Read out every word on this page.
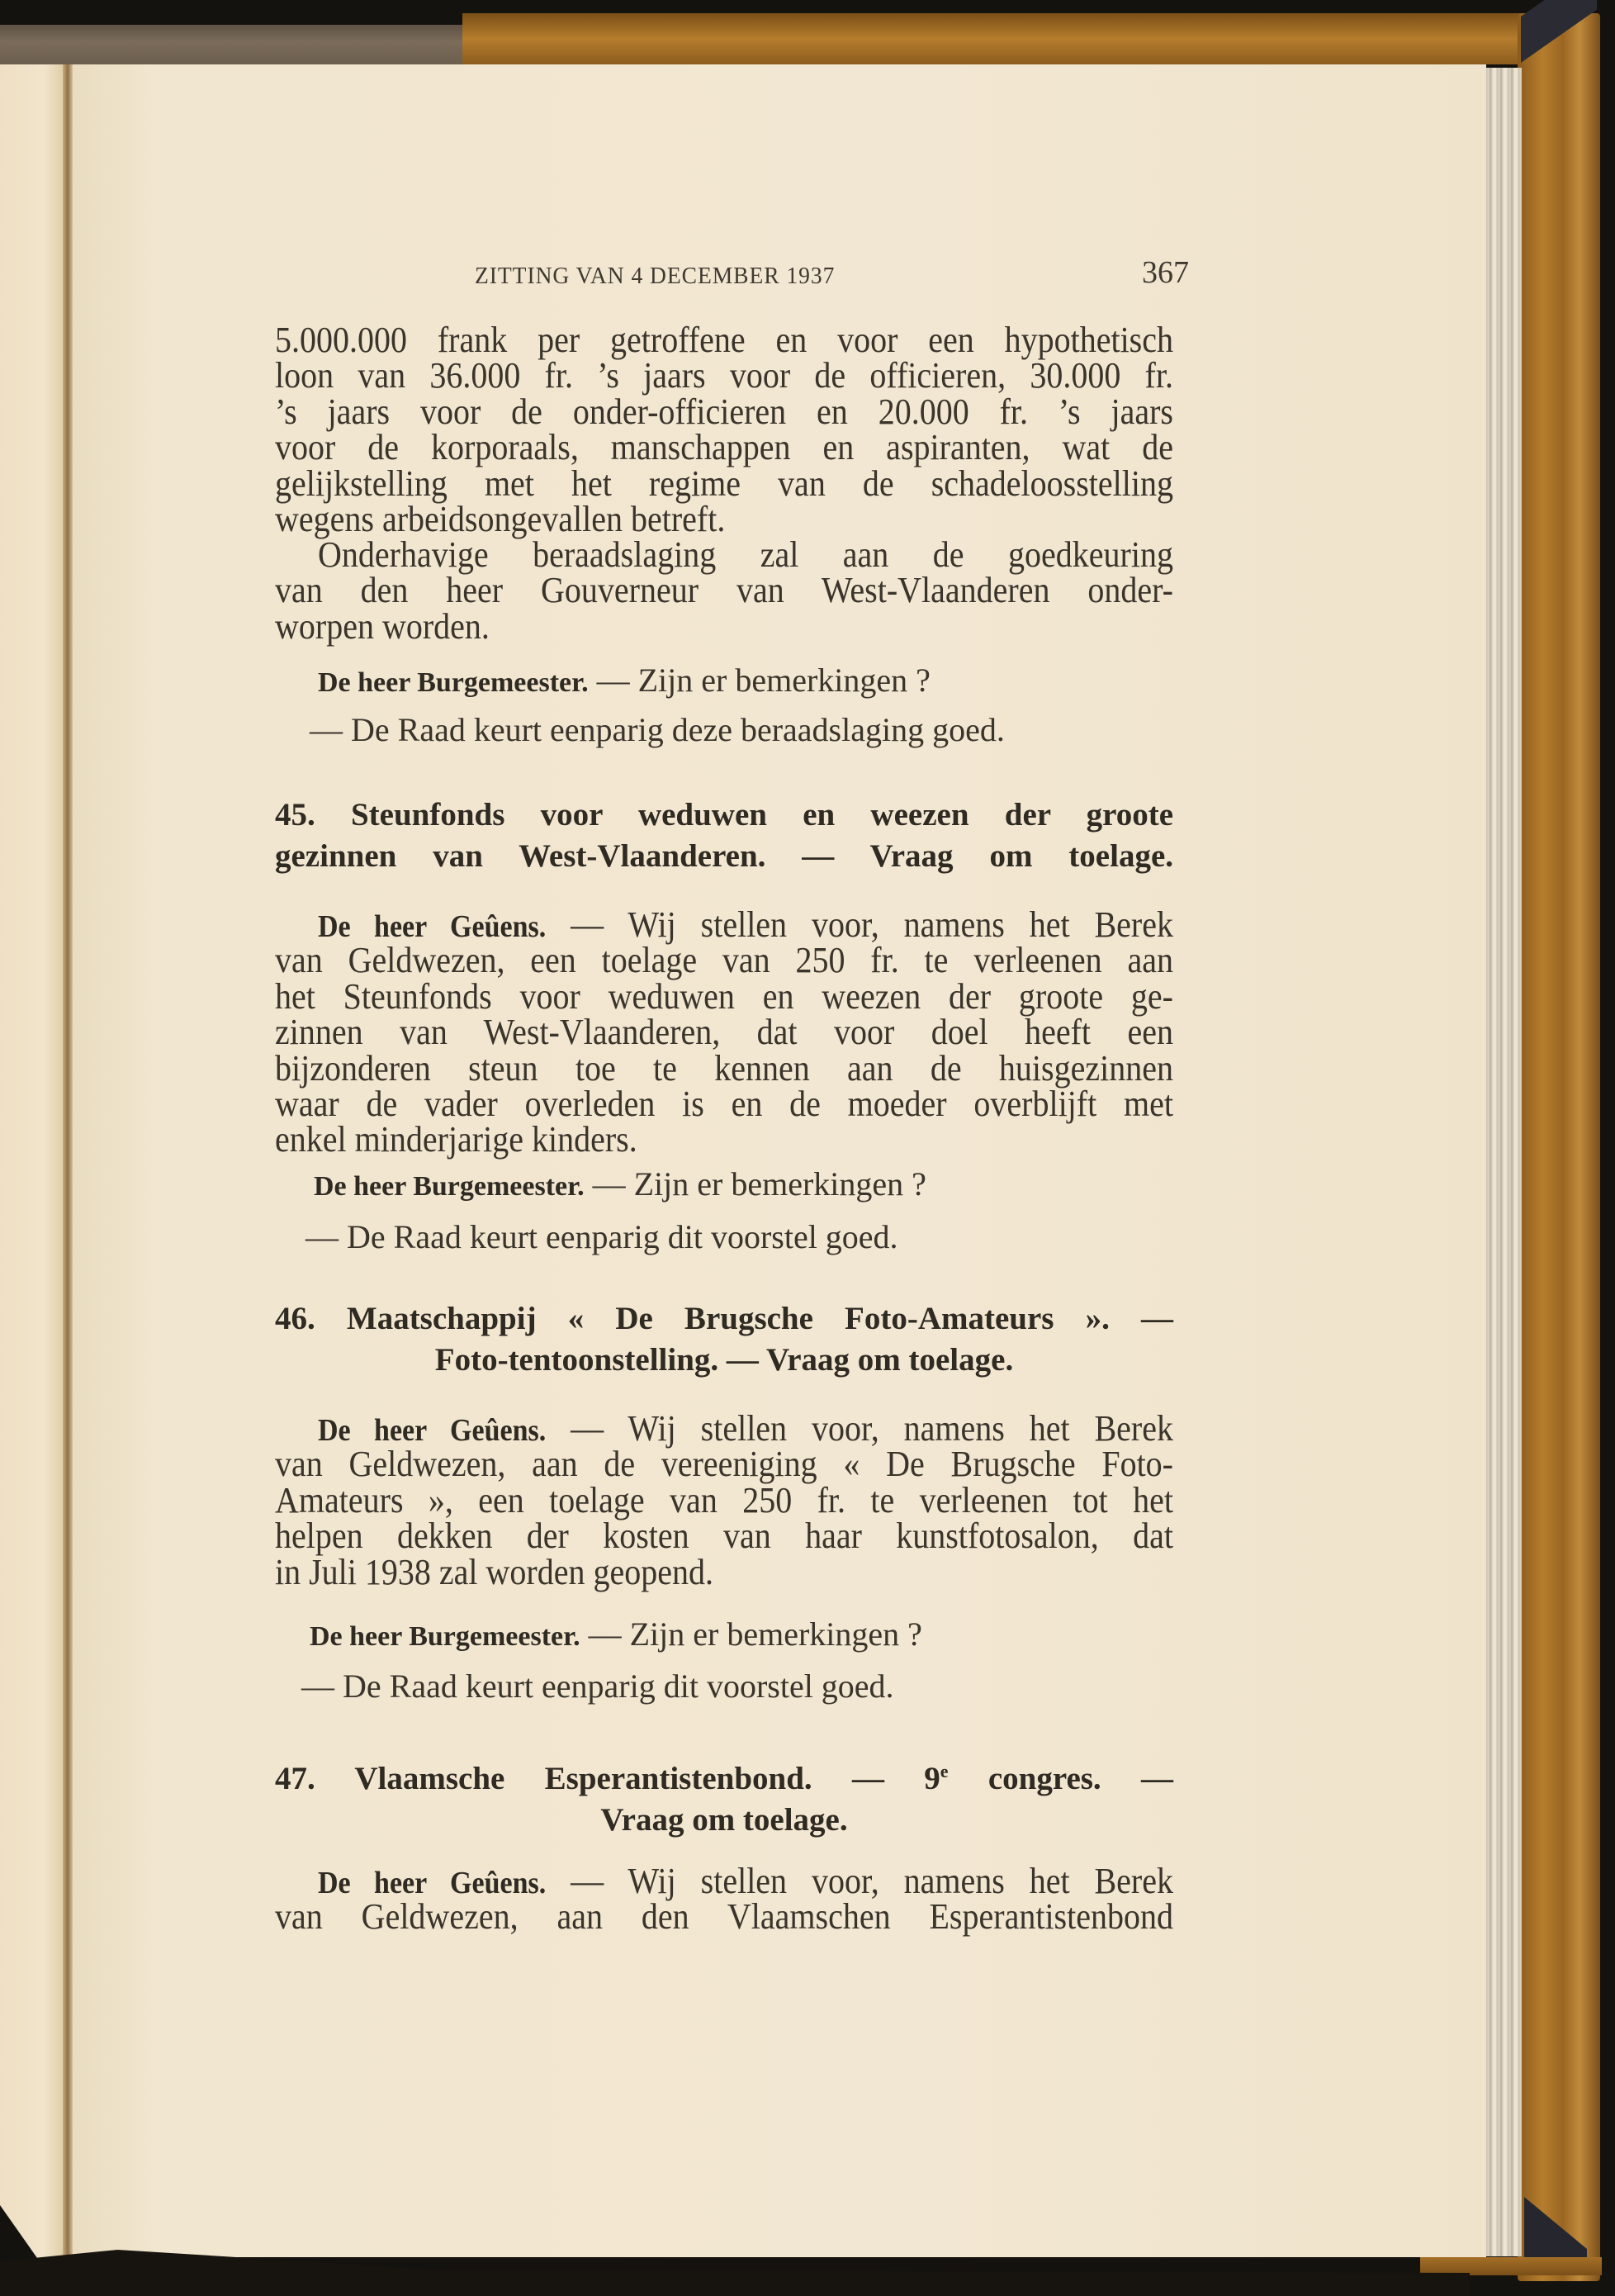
ZITTING VAN 4 DECEMBER 1937	367
5.000.000 frank per getroffene en voor een hypothetisch
loon van 36.000 fr. ’s jaars voor de officieren, 30.000 fr.
’s jaars voor de onder-officieren en 20.000 fr. ’s jaars
voor de korporaals, manschappen en aspiranten, wat de
gelijkstelling met het regime van de schadeloosstelling
wegens arbeidsongevallen betreft.
Onderhavige beraadslaging zal aan de goedkeuring
van den heer Gouverneur van West-Vlaanderen onder-
worpen worden.
De heer Burgemeester. — Zijn er bemerkingen ?
— De Raad keurt eenparig deze beraadslaging goed.
45. Steunfonds voor weduwen en weezen der groote
gezinnen van West-Vlaanderen. — Vraag om toelage.
De heer Geûens. — Wij stellen voor, namens het Berek
van Geldwezen, een toelage van 250 fr. te verleenen aan
het Steunfonds voor weduwen en weezen der groote ge-
zinnen van West-Vlaanderen, dat voor doel heeft een
bijzonderen steun toe te kennen aan de huisgezinnen
waar de vader overleden is en de moeder overblijft met
enkel minderjarige kinders.
De heer Burgemeester. — Zijn er bemerkingen ?
— De Raad keurt eenparig dit voorstel goed.
46. Maatschappij « De Brugsche Foto-Amateurs ». —
Foto-tentoonstelling. — Vraag om toelage.
De heer Geûens. — Wij stellen voor, namens het Berek
van Geldwezen, aan de vereeniging « De Brugsche Foto-
Amateurs », een toelage van 250 fr. te verleenen tot het
helpen dekken der kosten van haar kunstfotosalon, dat
in Juli 1938 zal worden geopend.
De heer Burgemeester. — Zijn er bemerkingen ?
— De Raad keurt eenparig dit voorstel goed.
47. Vlaamsche Esperantistenbond. — 9e congres. —
Vraag om toelage.
De heer Geûens. — Wij stellen voor, namens het Berek
van Geldwezen, aan den Vlaamschen Esperantistenbond
